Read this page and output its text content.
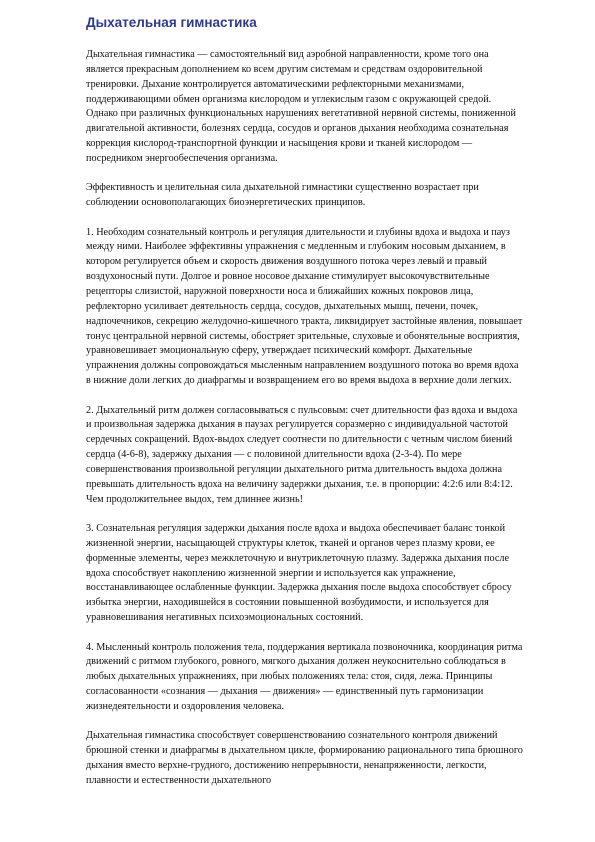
Дыхательная гимнастика

Дыхательная гимнастика — самостоятельный вид аэробной направленности, кроме того она является прекрасным дополнением ко всем другим системам и средствам оздоровительной тренировки. Дыхание контролируется автоматическими рефлекторными механизмами, поддерживающими обмен организма кислородом и углекислым газом с окружающей средой. Однако при различных функциональных нарушениях вегетативной нервной системы, пониженной двигательной активности, болезнях сердца, сосудов и органов дыхания необходима сознательная коррекция кислород-транспортной функции и насыщения крови и тканей кислородом — посредником энергообеспечения организма.

Эффективность и целительная сила дыхательной гимнастики существенно возрастает при соблюдении основополагающих биоэнергетических принципов.

1. Необходим сознательный контроль и регуляция длительности и глубины вдоха и выдоха и пауз между ними. Наиболее эффективны упражнения с медленным и глубоким носовым дыханием, в котором регулируется объем и скорость движения воздушного потока через левый и правый воздухоносный пути. Долгое и ровное носовое дыхание стимулирует высокочувствительные рецепторы слизистой, наружной поверхности носа и ближайших кожных покровов лица, рефлекторно усиливает деятельность сердца, сосудов, дыхательных мышц, печени, почек, надпочечников, секрецию желудочно-кишечного тракта, ликвидирует застойные явления, повышает тонус центральной нервной системы, обостряет зрительные, слуховые и обонятельные восприятия, уравновешивает эмоциональную сферу, утверждает психический комфорт. Дыхательные упражнения должны сопровождаться мысленным направлением воздушного потока во время вдоха в нижние доли легких до диафрагмы и возвращением его во время выдоха в верхние доли легких.

2. Дыхательный ритм должен согласовываться с пульсовым: счет длительности фаз вдоха и выдоха и произвольная задержка дыхания в паузах регулируется соразмерно с индивидуальной частотой сердечных сокращений. Вдох-выдох следует соотнести по длительности с четным числом биений сердца (4-6-8), задержку дыхания — с половиной длительности вдоха (2-3-4). По мере совершенствования произвольной регуляции дыхательного ритма длительность выдоха должна превышать длительность вдоха на величину задержки дыхания, т.е. в пропорции: 4:2:6 или 8:4:12. Чем продолжительнее выдох, тем длиннее жизнь!

3. Сознательная регуляция задержки дыхания после вдоха и выдоха обеспечивает баланс тонкой жизненной энергии, насыщающей структуры клеток, тканей и органов через плазму крови, ее форменные элементы, через межклеточную и внутриклеточную плазму. Задержка дыхания после вдоха способствует накоплению жизненной энергии и используется как упражнение, восстанавливающее ослабленные функции. Задержка дыхания после выдоха способствует сбросу избытка энергии, находившейся в состоянии повышенной возбудимости, и используется для уравновешивания негативных психоэмоциональных состояний.

4. Мысленный контроль положения тела, поддержания вертикала позвоночника, координация ритма движений с ритмом глубокого, ровного, мягкого дыхания должен неукоснительно соблюдаться в любых дыхательных упражнениях, при любых положениях тела: стоя, сидя, лежа. Принципы согласованности «сознания — дыхания — движения» — единственный путь гармонизации жизнедеятельности и оздоровления человека.

Дыхательная гимнастика способствует совершенствованию сознательного контроля движений брюшной стенки и диафрагмы в дыхательном цикле, формированию рационального типа брюшного дыхания вместо верхне-грудного, достижению непрерывности, ненапряженности, легкости, плавности и естественности дыхательного
